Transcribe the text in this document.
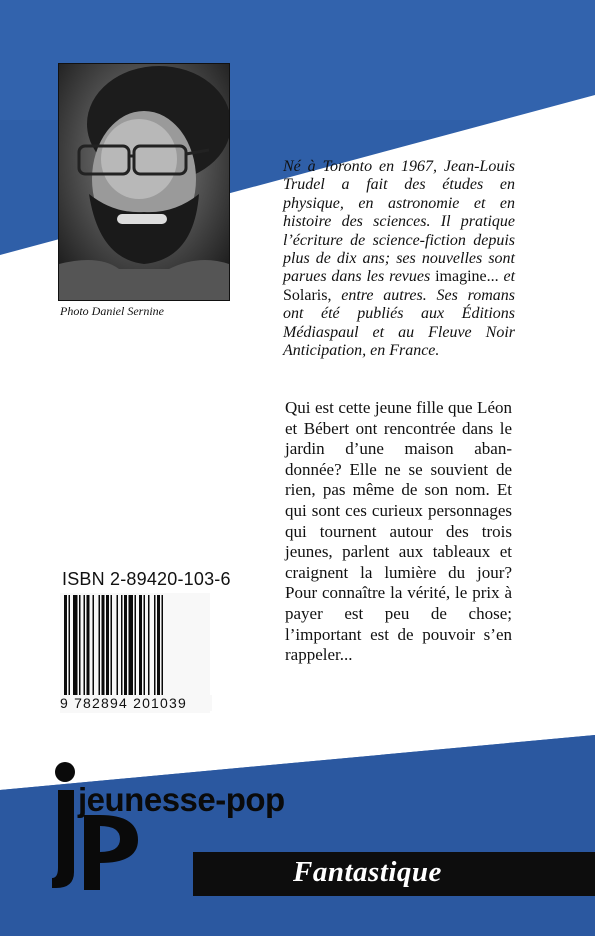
Photo Daniel Sernine

Né à Toronto en 1967, Jean-Louis Trudel a fait des études en physique, en astronomie et en histoire des sciences. Il pratique l’écriture de science-fiction depuis plus de dix ans; ses nouvelles sont parues dans les revues imagine... et Solaris, entre autres. Ses romans ont été publiés aux Éditions Médiaspaul et au Fleuve Noir Anticipation, en France.

Qui est cette jeune fille que Léon et Bébert ont rencontrée dans le jardin d’une maison abandonnée? Elle ne se souvient de rien, pas même de son nom. Et qui sont ces curieux personnages qui tournent autour des trois jeunes, parlent aux tableaux et craignent la lumière du jour? Pour connaître la vérité, le prix à payer est peu de chose; l’important est de pouvoir s’en rappeler...

ISBN 2-89420-103-6
9 782894 201039
jeunesse-pop
Fantastique
